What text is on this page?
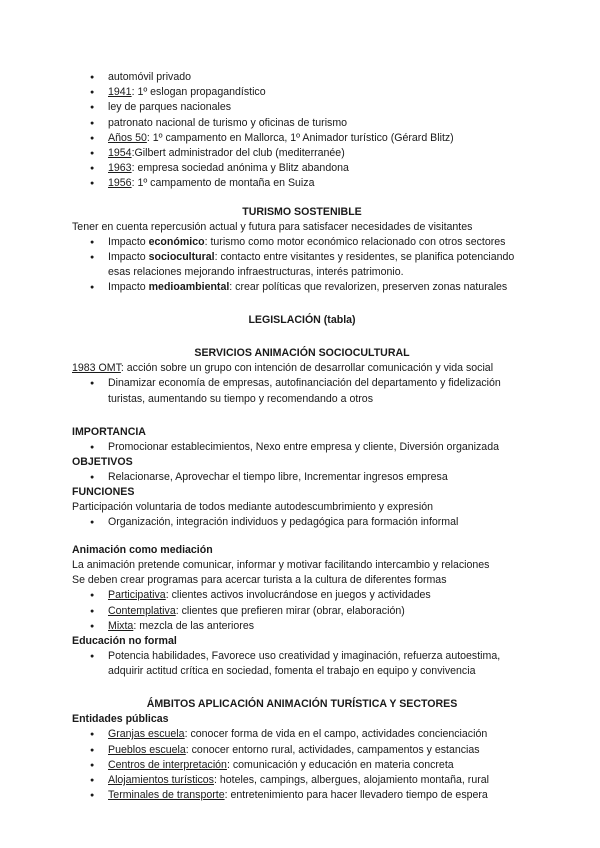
● automóvil privado
● 1941: 1º eslogan propagandístico
● ley de parques nacionales
● patronato nacional de turismo y oficinas de turismo
● Años 50: 1º campamento en Mallorca, 1º Animador turístico (Gérard Blitz)
● 1954:Gilbert administrador del club (mediterranée)
● 1963: empresa sociedad anónima y Blitz abandona
● 1956: 1º campamento de montaña en Suiza
TURISMO SOSTENIBLE
Tener en cuenta repercusión actual y futura para satisfacer necesidades de visitantes
● Impacto económico: turismo como motor económico relacionado con otros sectores
● Impacto sociocultural: contacto entre visitantes y residentes, se planifica potenciando esas relaciones mejorando infraestructuras, interés patrimonio.
● Impacto medioambiental: crear políticas que revalorizen, preserven zonas naturales
LEGISLACIÓN (tabla)
SERVICIOS ANIMACIÓN SOCIOCULTURAL
1983 OMT: acción sobre un grupo con intención de desarrollar comunicación y vida social
● Dinamizar economía de empresas, autofinanciación del departamento y fidelización turistas, aumentando su tiempo y recomendando a otros
IMPORTANCIA
● Promocionar establecimientos, Nexo entre empresa y cliente, Diversión organizada
OBJETIVOS
● Relacionarse, Aprovechar el tiempo libre, Incrementar ingresos empresa
FUNCIONES
Participación voluntaria de todos mediante autodescumbrimiento y expresión
● Organización, integración individuos y pedagógica para formación informal
Animación como mediación
La animación pretende comunicar, informar y motivar facilitando intercambio y relaciones
Se deben crear programas para acercar turista a la cultura de diferentes formas
● Participativa: clientes activos involucrándose en juegos y actividades
● Contemplativa: clientes que prefieren mirar (obrar, elaboración)
● Mixta: mezcla de las anteriores
Educación no formal
● Potencia habilidades, Favorece uso creatividad y imaginación, refuerza autoestima, adquirir actitud crítica en sociedad, fomenta el trabajo en equipo y convivencia
ÁMBITOS APLICACIÓN ANIMACIÓN TURÍSTICA Y SECTORES
Entidades públicas
● Granjas escuela: conocer forma de vida en el campo, actividades concienciación
● Pueblos escuela: conocer entorno rural, actividades, campamentos y estancias
● Centros de interpretación: comunicación y educación en materia concreta
● Alojamientos turísticos: hoteles, campings, albergues, alojamiento montaña, rural
● Terminales de transporte: entretenimiento para hacer llevadero tiempo de espera
